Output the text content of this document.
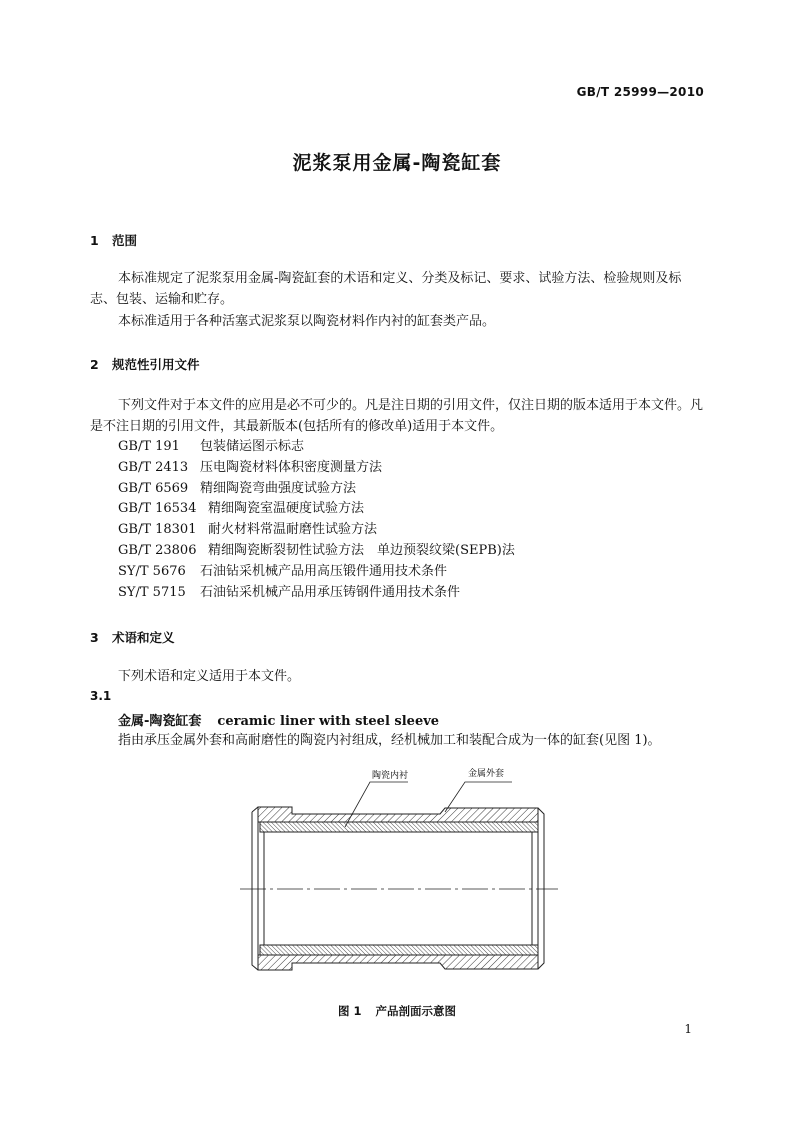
GB/T 25999—2010
泥浆泵用金属-陶瓷缸套
1 范围
本标准规定了泥浆泵用金属-陶瓷缸套的术语和定义、分类及标记、要求、试验方法、检验规则及标志、包装、运输和贮存。
本标准适用于各种活塞式泥浆泵以陶瓷材料作内衬的缸套类产品。
2 规范性引用文件
下列文件对于本文件的应用是必不可少的。凡是注日期的引用文件，仅注日期的版本适用于本文件。凡是不注日期的引用文件，其最新版本(包括所有的修改单)适用于本文件。
GB/T 191 包装储运图示标志
GB/T 2413 压电陶瓷材料体积密度测量方法
GB/T 6569 精细陶瓷弯曲强度试验方法
GB/T 16534 精细陶瓷室温硬度试验方法
GB/T 18301 耐火材料常温耐磨性试验方法
GB/T 23806 精细陶瓷断裂韧性试验方法　单边预裂纹梁(SEPB)法
SY/T 5676 石油钻采机械产品用高压锻件通用技术条件
SY/T 5715 石油钻采机械产品用承压铸钢件通用技术条件
3 术语和定义
下列术语和定义适用于本文件。
3.1
金属-陶瓷缸套 ceramic liner with steel sleeve
指由承压金属外套和高耐磨性的陶瓷内衬组成，经机械加工和装配合成为一体的缸套(见图 1)。
陶瓷内衬	金属外套
图 1 产品剖面示意图
1
